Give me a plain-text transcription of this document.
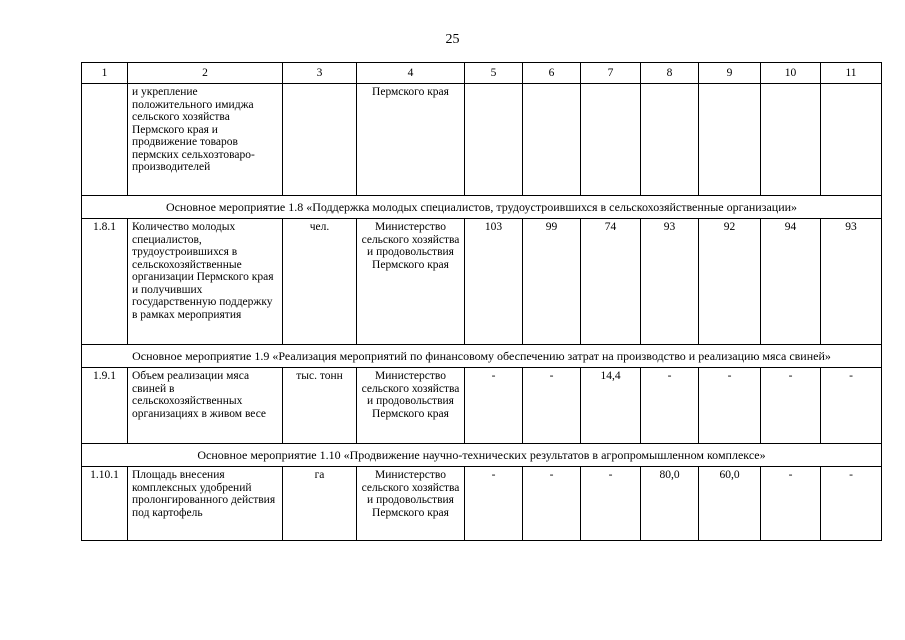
25
1	2	3	4	5	6	7	8	9	10	11
	и укрепление положительного имиджа сельского хозяйства Пермского края и продвижение товаров пермских сельхозтоваро-производителей		Пермского края							
Основное мероприятие 1.8 «Поддержка молодых специалистов, трудоустроившихся в сельскохозяйственные организации»										
1.8.1	Количество молодых специалистов, трудоустроившихся в сельскохозяйственные организации Пермского края и получивших государственную поддержку в рамках мероприятия	чел.	Министерство сельского хозяйства и продовольствия Пермского края	103	99	74	93	92	94	93
Основное мероприятие 1.9 «Реализация мероприятий по финансовому обеспечению затрат на производство и реализацию мяса свиней»										
1.9.1	Объем реализации мяса свиней в сельскохозяйственных организациях в живом весе	тыс. тонн	Министерство сельского хозяйства и продовольствия Пермского края	-	-	14,4	-	-	-	-
Основное мероприятие 1.10 «Продвижение научно-технических результатов в агропромышленном комплексе»										
1.10.1	Площадь внесения комплексных удобрений пролонгированного действия под картофель	га	Министерство сельского хозяйства и продовольствия Пермского края	-	-	-	80,0	60,0	-	-
